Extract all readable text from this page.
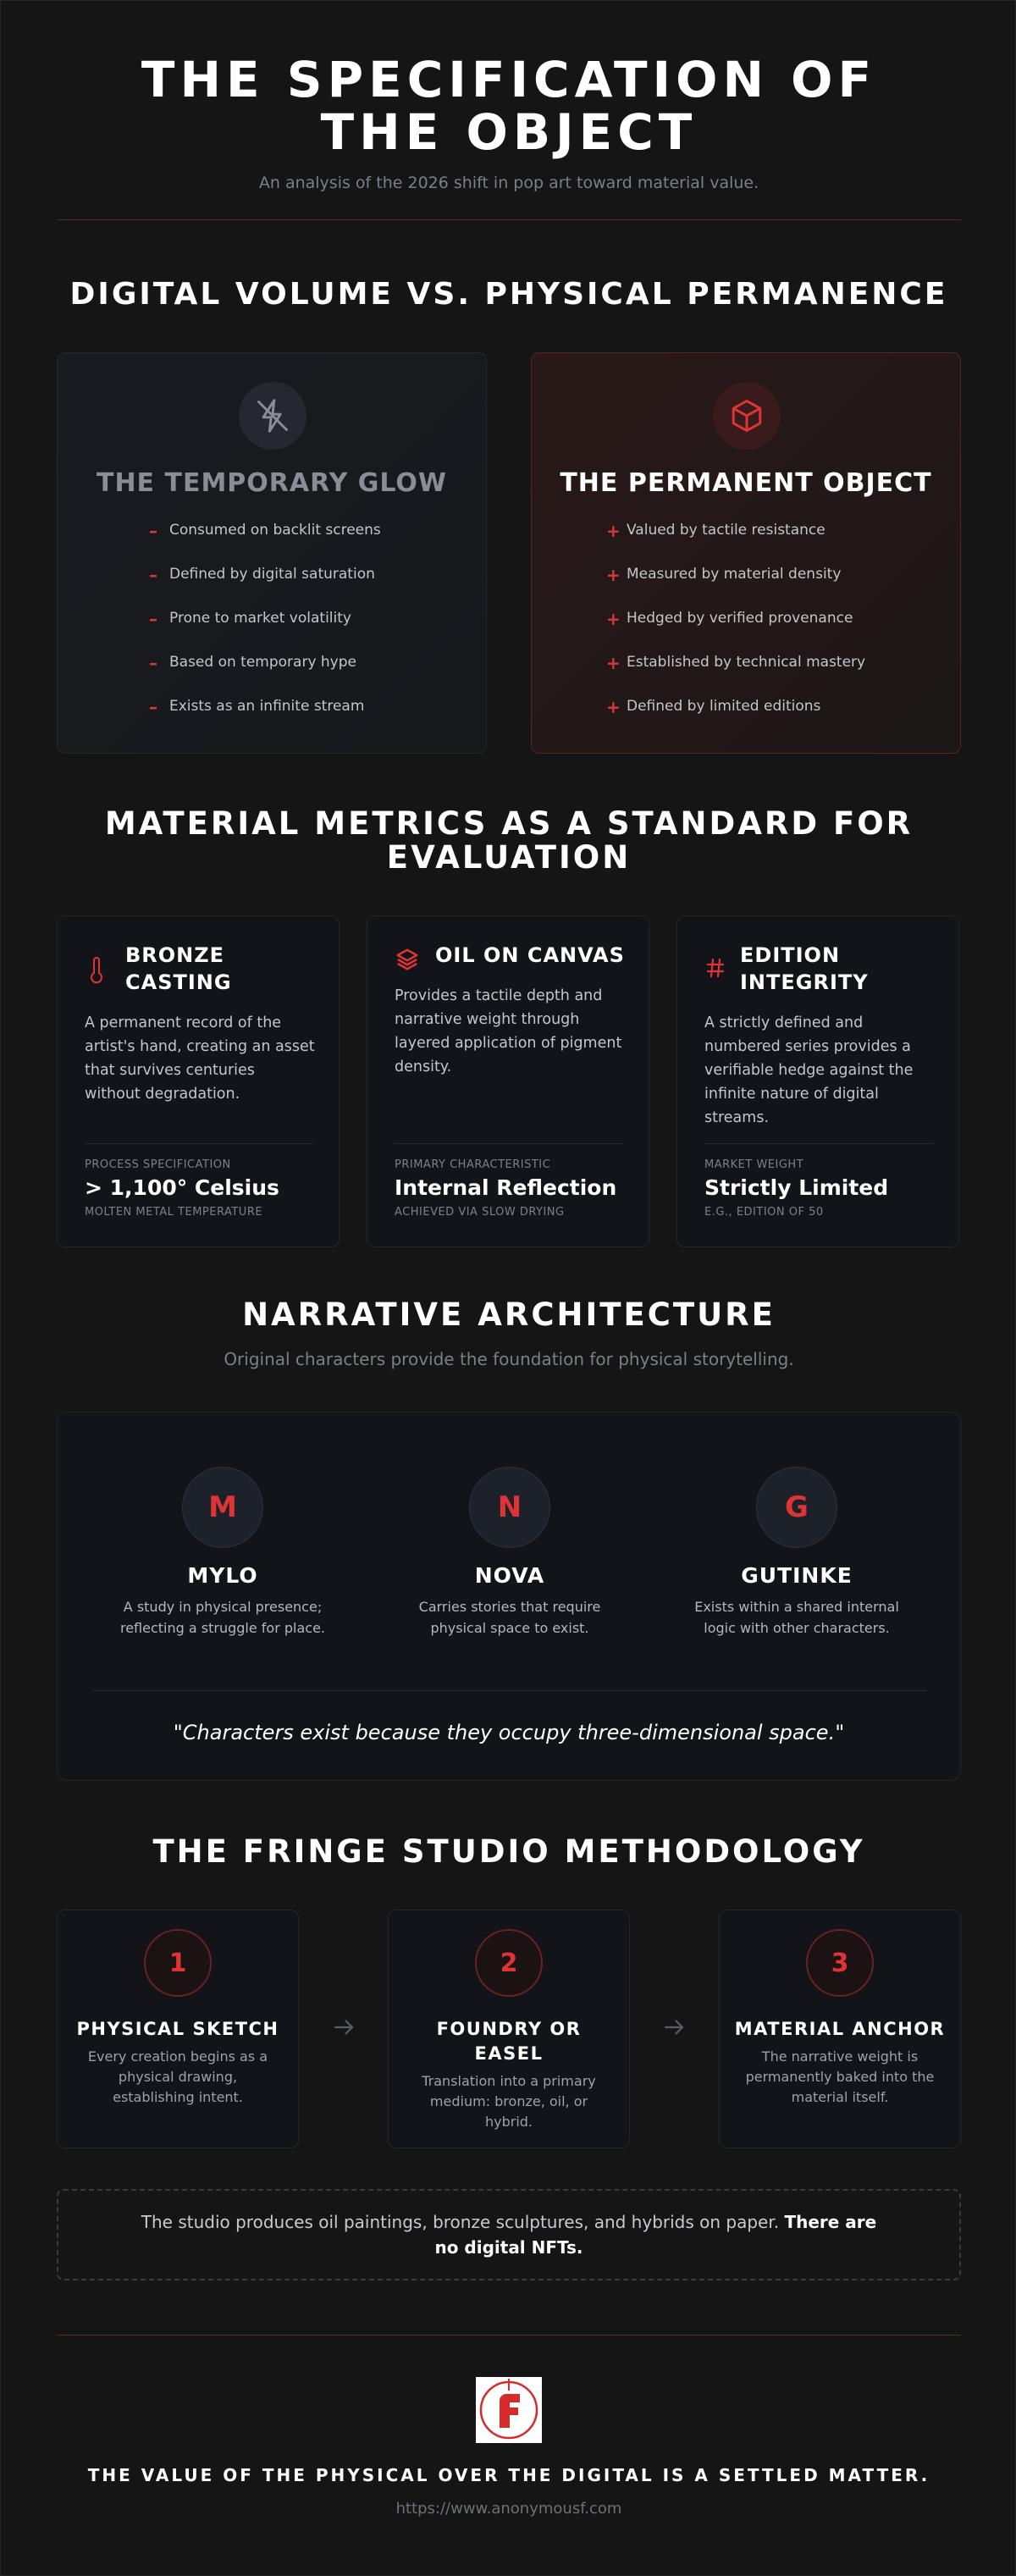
THE SPECIFICATION OF
THE OBJECT
An analysis of the 2026 shift in pop art toward material value.
DIGITAL VOLUME VS. PHYSICAL PERMANENCE
THE TEMPORARY GLOW
– Consumed on backlit screens
– Defined by digital saturation
– Prone to market volatility
– Based on temporary hype
– Exists as an infinite stream
THE PERMANENT OBJECT
+ Valued by tactile resistance
+ Measured by material density
+ Hedged by verified provenance
+ Established by technical mastery
+ Defined by limited editions
MATERIAL METRICS AS A STANDARD FOR
EVALUATION
BRONZE
CASTING
A permanent record of the artist's hand, creating an asset that survives centuries without degradation.
PROCESS SPECIFICATION
> 1,100° Celsius
MOLTEN METAL TEMPERATURE
OIL ON CANVAS
Provides a tactile depth and narrative weight through layered application of pigment density.
PRIMARY CHARACTERISTIC
Internal Reflection
ACHIEVED VIA SLOW DRYING
EDITION
INTEGRITY
A strictly defined and numbered series provides a verifiable hedge against the infinite nature of digital streams.
MARKET WEIGHT
Strictly Limited
E.G., EDITION OF 50
NARRATIVE ARCHITECTURE
Original characters provide the foundation for physical storytelling.
M
MYLO
A study in physical presence; reflecting a struggle for place.
N
NOVA
Carries stories that require physical space to exist.
G
GUTINKE
Exists within a shared internal logic with other characters.
"Characters exist because they occupy three-dimensional space."
THE FRINGE STUDIO METHODOLOGY
1
PHYSICAL SKETCH
Every creation begins as a physical drawing, establishing intent.
2
FOUNDRY OR EASEL
Translation into a primary medium: bronze, oil, or hybrid.
3
MATERIAL ANCHOR
The narrative weight is permanently baked into the material itself.
The studio produces oil paintings, bronze sculptures, and hybrids on paper. There are no digital NFTs.
THE VALUE OF THE PHYSICAL OVER THE DIGITAL IS A SETTLED MATTER.
https://www.anonymousf.com
